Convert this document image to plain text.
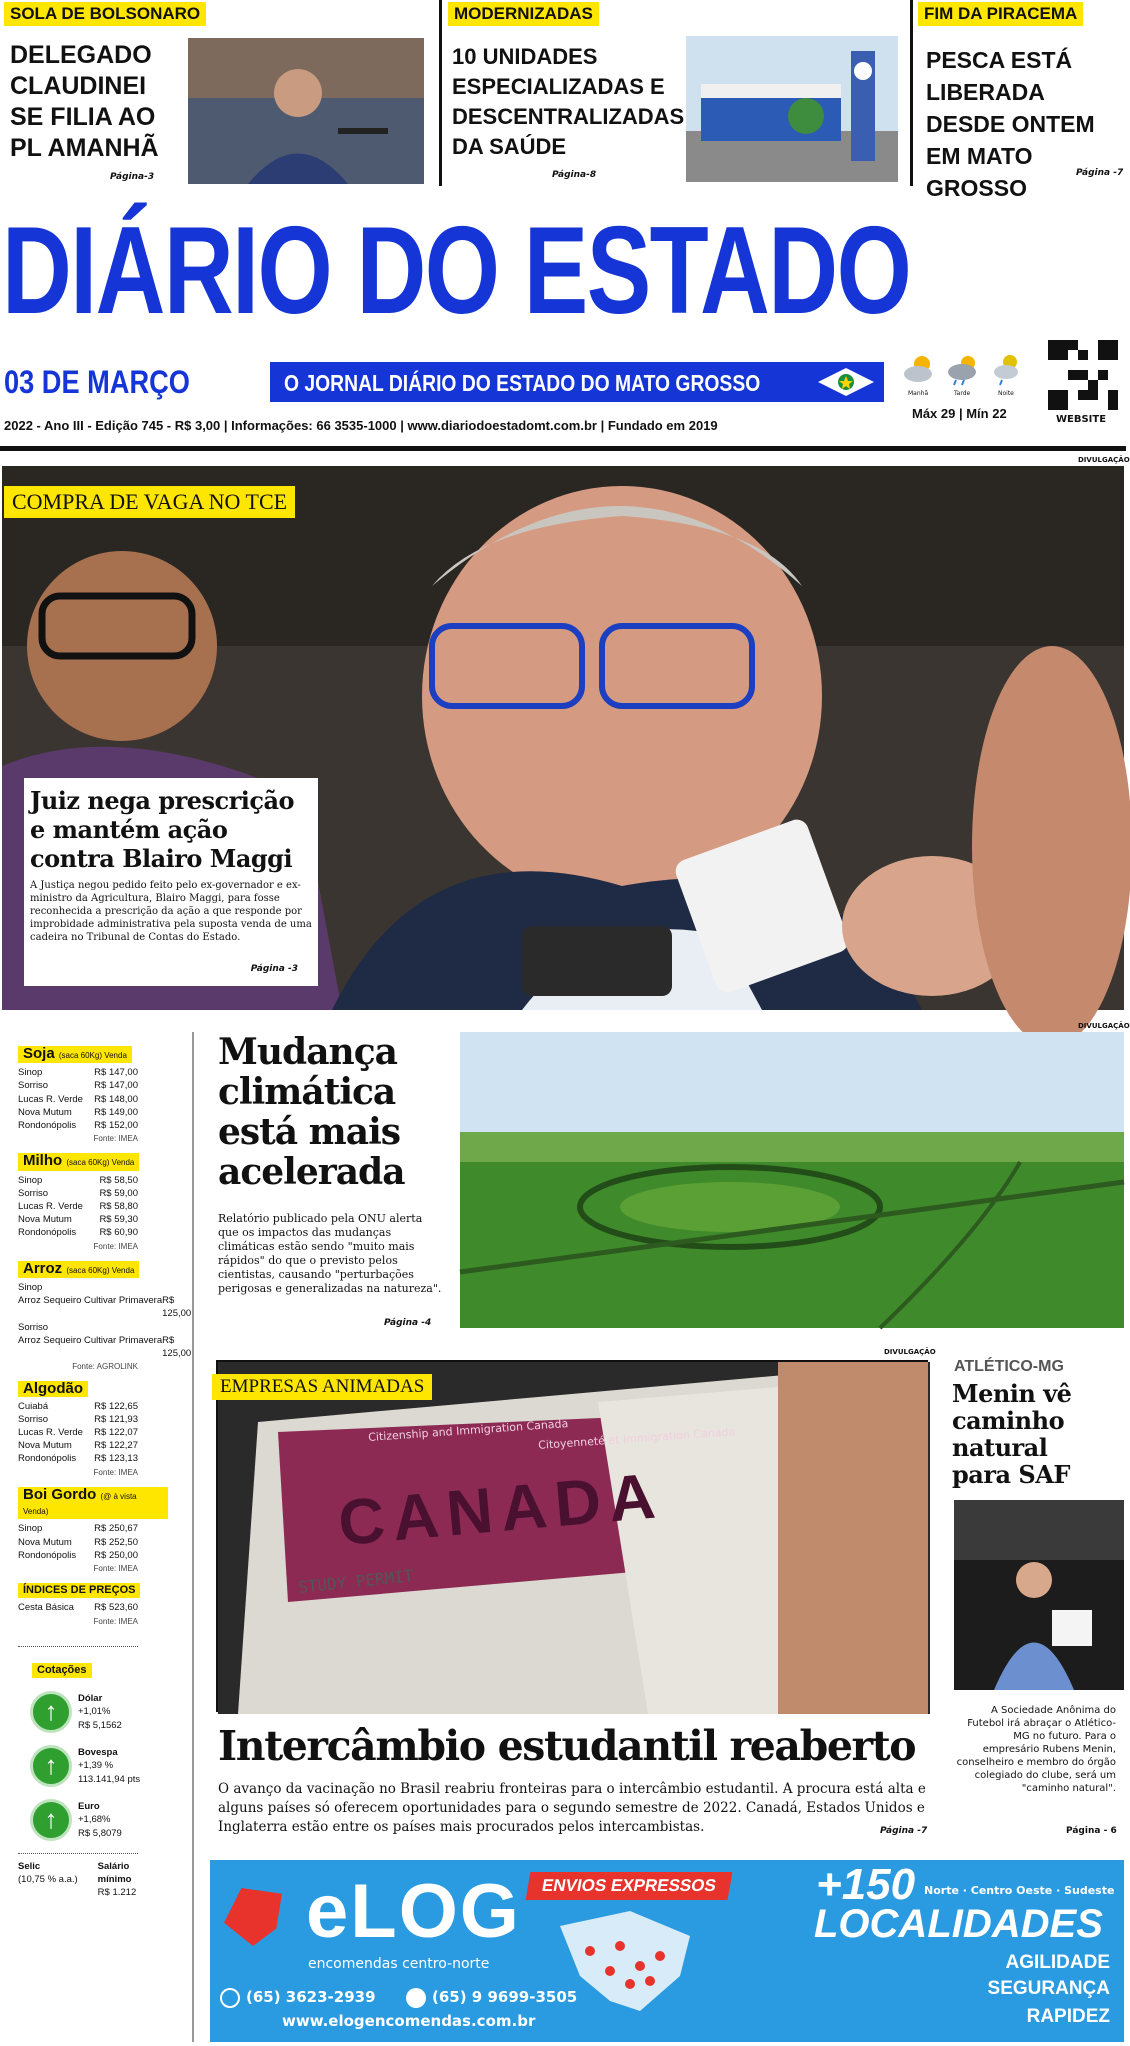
SOLA DE BOLSONARO
DELEGADO
CLAUDINEI
SE FILIA AO
PL AMANHÃ
Página-3
MODERNIZADAS
10 UNIDADES
ESPECIALIZADAS E
DESCENTRALIZADAS
DA SAÚDE
Página-8
FIM DA PIRACEMA
PESCA ESTÁ
LIBERADA
DESDE ONTEM
EM MATO GROSSO
Página -7
DIÁRIO DO ESTADO
03 DE MARÇO	O JORNAL DIÁRIO DO ESTADO DO MATO GROSSO
2022 - Ano III - Edição 745 - R$ 3,00 | Informações: 66 3535-1000 | www.diariodoestadomt.com.br | Fundado em 2019
Manhã	Tarde	Noite
Máx 29 | Mín 22	WEBSITE
DIVULGAÇÃO
COMPRA DE VAGA NO TCE
Juiz nega prescrição
e mantém ação
contra Blairo Maggi
A Justiça negou pedido feito pelo ex-governador e ex-ministro da Agricultura, Blairo Maggi, para fosse reconhecida a prescrição da ação a que responde por improbidade administrativa pela suposta venda de uma cadeira no Tribunal de Contas do Estado.
Página -3
Soja (saca 60Kg) Venda
Sinop	R$ 147,00
Sorriso	R$ 147,00
Lucas R. Verde R$ 148,00
Nova Mutum R$ 149,00
Rondonópolis R$ 152,00
Fonte: IMEA
Milho (saca 60Kg) Venda
Sinop	R$ 58,50
Sorriso	R$ 59,00
Lucas R. Verde R$ 58,80
Nova Mutum	R$ 59,30
Rondonópolis R$ 60,90
Fonte: IMEA
Arroz (saca 60Kg) Venda
Sinop
Arroz Sequeiro Cultivar Primavera R$ 125,00
Sorriso
Arroz Sequeiro Cultivar Primavera R$ 125,00
Fonte: AGROLINK
Algodão
Cuiabá	R$ 122,65
Sorriso	R$ 121,93
Lucas R. Verde R$ 122,07
Nova Mutum R$ 122,27
Rondonópolis R$ 123,13
Fonte: IMEA
Boi Gordo (@ à vista Venda)
Sinop	R$ 250,67
Nova Mutum R$ 252,50
Rondonópolis R$ 250,00
Fonte: IMEA
ÍNDICES DE PREÇOS
Cesta Básica R$ 523,60
Fonte: IMEA
Cotações
↑	Dólar
+1,01%
R$ 5,1562
↑	Bovespa
+1,39 %
113.141,94 pts
↑	Euro
+1,68%
R$ 5,8079
Selic
(10,75 % a.a.)
Salário mínimo
R$ 1.212
Mudança
climática
está mais
acelerada
Relatório publicado pela ONU alerta que os impactos das mudanças climáticas estão sendo "muito mais rápidos" do que o previsto pelos cientistas, causando "perturbações perigosas e generalizadas na natureza".
Página -4
DIVULGAÇÃO
DIVULGAÇÃO
Citizenship and Immigration Canada
Citoyenneté et Immigration Canada
CANADA
STUDY PERMIT
EMPRESAS ANIMADAS
Intercâmbio estudantil reaberto
O avanço da vacinação no Brasil reabriu fronteiras para o intercâmbio estudantil. A procura está alta e alguns países só oferecem oportunidades para o segundo semestre de 2022. Canadá, Estados Unidos e Inglaterra estão entre os países mais procurados pelos intercambistas.	Página -7
ATLÉTICO-MG
Menin vê
caminho
natural
para SAF
A Sociedade Anônima do Futebol irá abraçar o Atlético-MG no futuro. Para o empresário Rubens Menin, conselheiro e membro do órgão colegiado do clube, será um "caminho natural".
Página - 6
eLOG
encomendas centro-norte
ENVIOS EXPRESSOS	+150 Norte · Centro Oeste · Sudeste
LOCALIDADES
AGILIDADE
SEGURANÇA
RAPIDEZ
(65) 3623-2939	(65) 9 9699-3505
www.elogencomendas.com.br
